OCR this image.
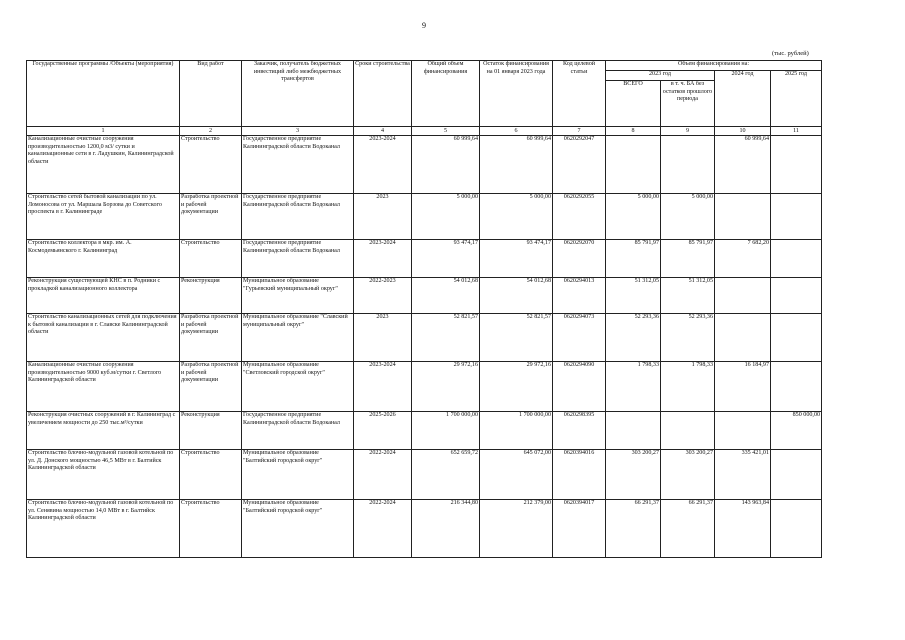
9
(тыс. рублей)
Государственные программы /Объекты (мероприятия)	Вид работ	Заказчик, получатель бюджетных инвестиций либо межбюджетных трансфертов	Сроки строительства	Общий объем финансирования	Остаток финансирования на 01 января 2023 года	Код целевой статьи	Объем финансирования на:			
							2023 год		2024 год	2025 год
							ВСЕГО	в т. ч. БА без остатков прошлого периода		
1	2	3	4	5	6	7	8	9	10	11
Канализационные очистные сооружения производительностью 1200,0 м3/ сутки и канализационные сети в г. Ладушкин, Калининградской области	Строительство	Государственное предприятие Калининградской области Водоканал	2023-2024	60 999,64	60 999,64	0620292047			60 999,64	
Строительство сетей бытовой канализации по ул. Ломоносова от ул. Маршала Борзова до Советского проспекта в г. Калининграде	Разработка проектной и рабочей документации	Государственное предприятие Калининградской области Водоканал	2023	5 000,00	5 000,00	0620292055	5 000,00	5 000,00		
Строительство коллектора в мкр. им. А. Космодемьянского г. Калининград	Строительство	Государственное предприятие Калининградской области Водоканал	2023-2024	93 474,17	93 474,17	0620292070	85 791,97	85 791,97	7 682,20	
Реконструкция существующей КНС в п. Родники с прокладкой канализационного коллектора	Реконструкция	Муниципальное образование "Гурьевский муниципальный округ"	2022-2023	54 012,68	54 012,68	0620294013	51 312,05	51 312,05		
Строительство канализационных сетей для подключения к бытовой канализации в г. Славске Калининградской области	Разработка проектной и рабочей документации	Муниципальное образование "Славский муниципальный округ"	2023	52 821,57	52 821,57	0620294073	52 293,36	52 293,36		
Канализационные очистные сооружения производительностью 9000 куб.м/сутки г. Светлого Калининградской области	Разработка проектной и рабочей документации	Муниципальное образование "Светловский городской округ"	2023-2024	29 972,16	29 972,16	0620294090	1 798,33	1 798,33	16 184,97	
Реконструкция очистных сооружений в г. Калининград с увеличением мощности до 250 тыс.м³/сутки	Реконструкция	Государственное предприятие Калининградской области Водоканал	2025-2026	1 700 000,00	1 700 000,00	0620298395				850 000,00
Строительство блочно-модульной газовой котельной по ул. Д. Донского мощностью 46,5 МВт в г. Балтийск Калининградской области	Строительство	Муниципальное образование "Балтийский городской округ"	2022-2024	652 659,72	645 072,00	0620394016	303 200,27	303 200,27	335 421,01	
Строительство блочно-модульной газовой котельной по ул. Сенявина мощностью 14,0 МВт в г. Балтийск Калининградской области	Строительство	Муниципальное образование "Балтийский городской округ"	2022-2024	216 344,80	212 379,00	0620394017	66 291,37	66 291,37	143 963,84	
